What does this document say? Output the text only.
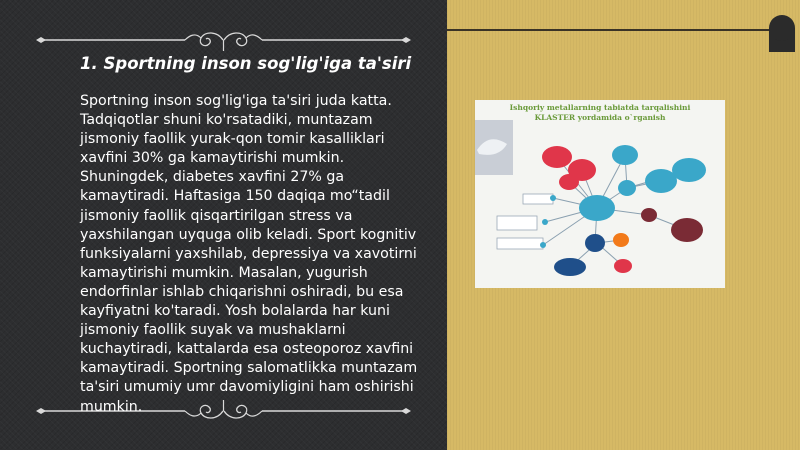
1. Sportning inson sog'lig'iga ta'siri
Sportning inson sog'lig'iga ta'siri juda katta. Tadqiqotlar shuni ko'rsatadiki, muntazam jismoniy faollik yurak-qon tomir kasalliklari xavfini 30% ga kamaytirishi mumkin. Shuningdek, diabetes xavfini 27% ga kamaytiradi. Haftasiga 150 daqiqa mo“tadil jismoniy faollik qisqartirilgan stress va yaxshilangan uyquga olib keladi. Sport kognitiv funksiyalarni yaxshilab, depressiya va xavotirni kamaytirishi mumkin. Masalan, yugurish endorfinlar ishlab chiqarishni oshiradi, bu esa kayfiyatni ko'taradi. Yosh bolalarda har kuni jismoniy faollik suyak va mushaklarni kuchaytiradi, kattalarda esa osteoporoz xavfini kamaytiradi. Sportning salomatlikka muntazam ta'siri umumiy umr davomiyligini ham oshirishi mumkin.
Ishqoriy metallarning tabiatda tarqalishini
KLASTER yordamida o`rganish
